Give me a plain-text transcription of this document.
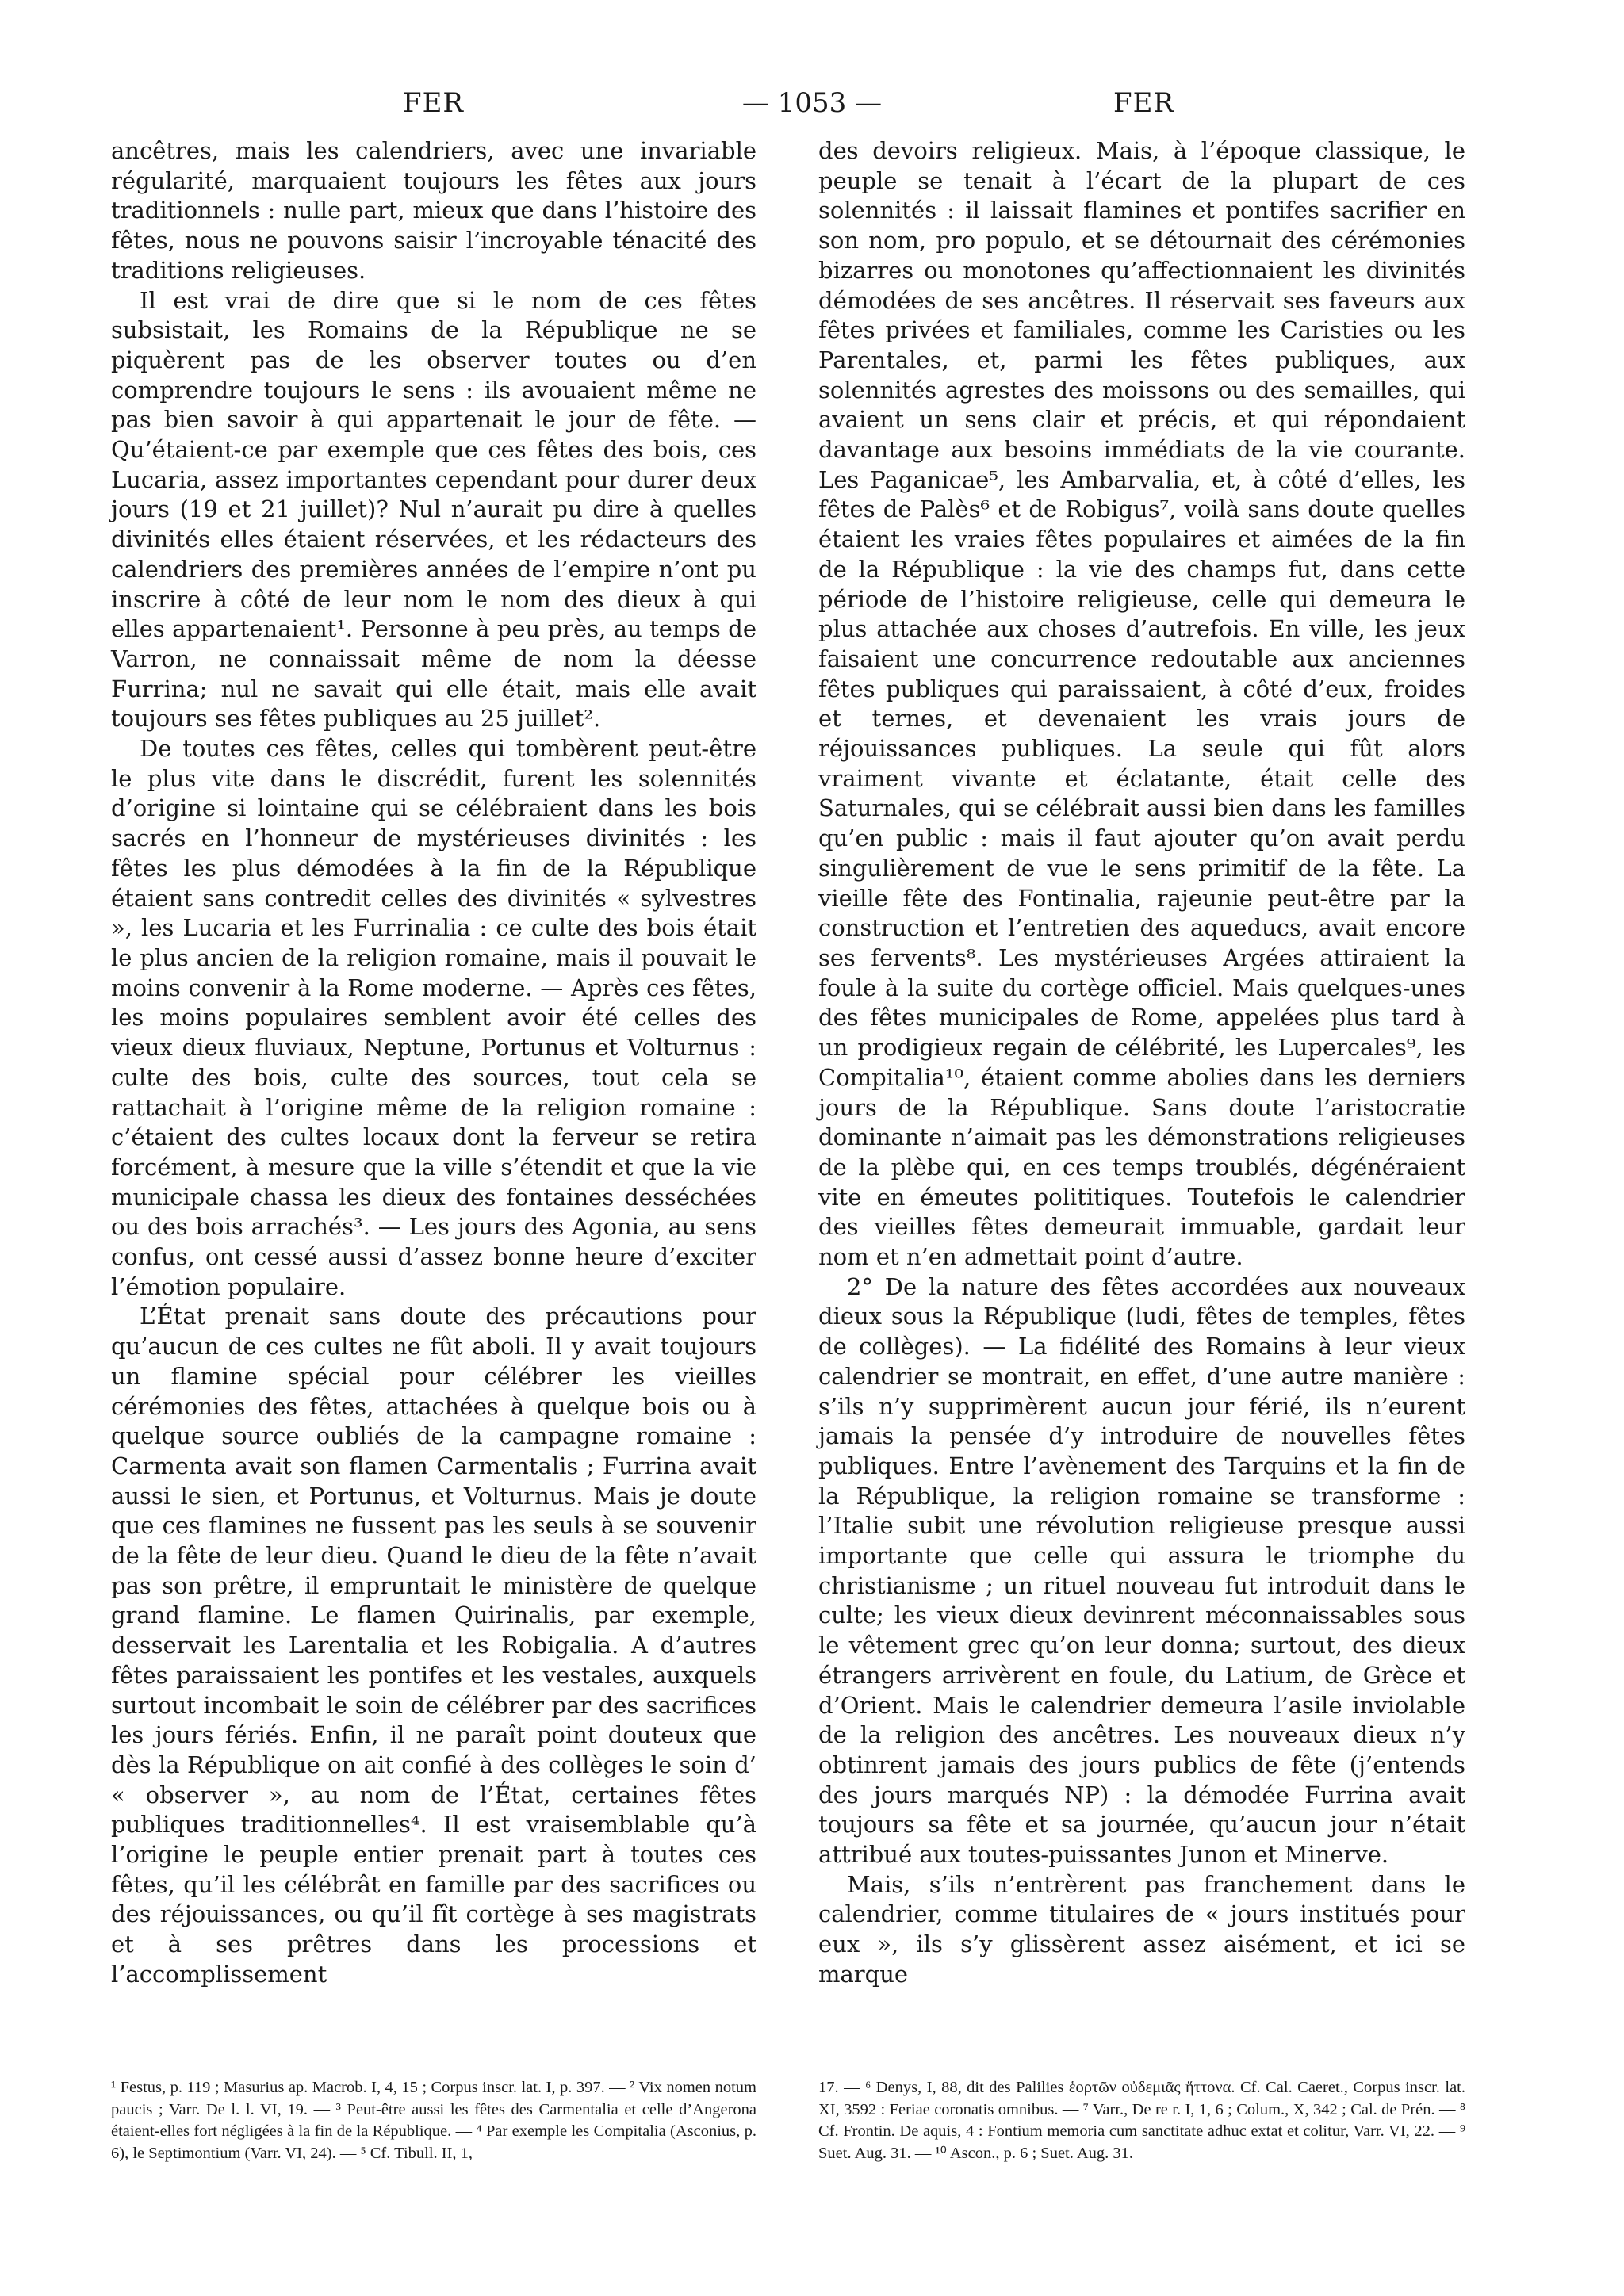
— 1053 —
FER	FER

ancêtres, mais les calendriers, avec une invariable régularité, marquaient toujours les fêtes aux jours traditionnels : nulle part, mieux que dans l’histoire des fêtes, nous ne pouvons saisir l’incroyable ténacité des traditions religieuses.

Il est vrai de dire que si le nom de ces fêtes subsistait, les Romains de la République ne se piquèrent pas de les observer toutes ou d’en comprendre toujours le sens : ils avouaient même ne pas bien savoir à qui appartenait le jour de fête. — Qu’étaient-ce par exemple que ces fêtes des bois, ces Lucaria, assez importantes cependant pour durer deux jours (19 et 21 juillet)? Nul n’aurait pu dire à quelles divinités elles étaient réservées, et les rédacteurs des calendriers des premières années de l’empire n’ont pu inscrire à côté de leur nom le nom des dieux à qui elles appartenaient¹. Personne à peu près, au temps de Varron, ne connaissait même de nom la déesse Furrina; nul ne savait qui elle était, mais elle avait toujours ses fêtes publiques au 25 juillet².

De toutes ces fêtes, celles qui tombèrent peut-être le plus vite dans le discrédit, furent les solennités d’origine si lointaine qui se célébraient dans les bois sacrés en l’honneur de mystérieuses divinités : les fêtes les plus démodées à la fin de la République étaient sans contredit celles des divinités « sylvestres », les Lucaria et les Furrinalia : ce culte des bois était le plus ancien de la religion romaine, mais il pouvait le moins convenir à la Rome moderne. — Après ces fêtes, les moins populaires semblent avoir été celles des vieux dieux fluviaux, Neptune, Portunus et Volturnus : culte des bois, culte des sources, tout cela se rattachait à l’origine même de la religion romaine : c’étaient des cultes locaux dont la ferveur se retira forcément, à mesure que la ville s’étendit et que la vie municipale chassa les dieux des fontaines desséchées ou des bois arrachés³. — Les jours des Agonia, au sens confus, ont cessé aussi d’assez bonne heure d’exciter l’émotion populaire.

L’État prenait sans doute des précautions pour qu’aucun de ces cultes ne fût aboli. Il y avait toujours un flamine spécial pour célébrer les vieilles cérémonies des fêtes, attachées à quelque bois ou à quelque source oubliés de la campagne romaine : Carmenta avait son flamen Carmentalis ; Furrina avait aussi le sien, et Portunus, et Volturnus. Mais je doute que ces flamines ne fussent pas les seuls à se souvenir de la fête de leur dieu. Quand le dieu de la fête n’avait pas son prêtre, il empruntait le ministère de quelque grand flamine. Le flamen Quirinalis, par exemple, desservait les Larentalia et les Robigalia. A d’autres fêtes paraissaient les pontifes et les vestales, auxquels surtout incombait le soin de célébrer par des sacrifices les jours fériés. Enfin, il ne paraît point douteux que dès la République on ait confié à des collèges le soin d’ « observer », au nom de l’État, certaines fêtes publiques traditionnelles⁴. Il est vraisemblable qu’à l’origine le peuple entier prenait part à toutes ces fêtes, qu’il les célébrât en famille par des sacrifices ou des réjouissances, ou qu’il fît cortège à ses magistrats et à ses prêtres dans les processions et l’accomplissement

des devoirs religieux. Mais, à l’époque classique, le peuple se tenait à l’écart de la plupart de ces solennités : il laissait flamines et pontifes sacrifier en son nom, pro populo, et se détournait des cérémonies bizarres ou monotones qu’affectionnaient les divinités démodées de ses ancêtres. Il réservait ses faveurs aux fêtes privées et familiales, comme les Caristies ou les Parentales, et, parmi les fêtes publiques, aux solennités agrestes des moissons ou des semailles, qui avaient un sens clair et précis, et qui répondaient davantage aux besoins immédiats de la vie courante. Les Paganicae⁵, les Ambarvalia, et, à côté d’elles, les fêtes de Palès⁶ et de Robigus⁷, voilà sans doute quelles étaient les vraies fêtes populaires et aimées de la fin de la République : la vie des champs fut, dans cette période de l’histoire religieuse, celle qui demeura le plus attachée aux choses d’autrefois. En ville, les jeux faisaient une concurrence redoutable aux anciennes fêtes publiques qui paraissaient, à côté d’eux, froides et ternes, et devenaient les vrais jours de réjouissances publiques. La seule qui fût alors vraiment vivante et éclatante, était celle des Saturnales, qui se célébrait aussi bien dans les familles qu’en public : mais il faut ajouter qu’on avait perdu singulièrement de vue le sens primitif de la fête. La vieille fête des Fontinalia, rajeunie peut-être par la construction et l’entretien des aqueducs, avait encore ses fervents⁸. Les mystérieuses Argées attiraient la foule à la suite du cortège officiel. Mais quelques-unes des fêtes municipales de Rome, appelées plus tard à un prodigieux regain de célébrité, les Lupercales⁹, les Compitalia¹⁰, étaient comme abolies dans les derniers jours de la République. Sans doute l’aristocratie dominante n’aimait pas les démonstrations religieuses de la plèbe qui, en ces temps troublés, dégénéraient vite en émeutes polititiques. Toutefois le calendrier des vieilles fêtes demeurait immuable, gardait leur nom et n’en admettait point d’autre.

2° De la nature des fêtes accordées aux nouveaux dieux sous la République (ludi, fêtes de temples, fêtes de collèges). — La fidélité des Romains à leur vieux calendrier se montrait, en effet, d’une autre manière : s’ils n’y supprimèrent aucun jour férié, ils n’eurent jamais la pensée d’y introduire de nouvelles fêtes publiques. Entre l’avènement des Tarquins et la fin de la République, la religion romaine se transforme : l’Italie subit une révolution religieuse presque aussi importante que celle qui assura le triomphe du christianisme ; un rituel nouveau fut introduit dans le culte; les vieux dieux devinrent méconnaissables sous le vêtement grec qu’on leur donna; surtout, des dieux étrangers arrivèrent en foule, du Latium, de Grèce et d’Orient. Mais le calendrier demeura l’asile inviolable de la religion des ancêtres. Les nouveaux dieux n’y obtinrent jamais des jours publics de fête (j’entends des jours marqués NP) : la démodée Furrina avait toujours sa fête et sa journée, qu’aucun jour n’était attribué aux toutes-puissantes Junon et Minerve.

Mais, s’ils n’entrèrent pas franchement dans le calendrier, comme titulaires de « jours institués pour eux », ils s’y glissèrent assez aisément, et ici se marque

¹ Festus, p. 119 ; Masurius ap. Macrob. I, 4, 15 ; Corpus inscr. lat. I, p. 397. — ² Vix nomen notum paucis ; Varr. De l. l. VI, 19. — ³ Peut-être aussi les fêtes des Carmentalia et celle d’Angerona étaient-elles fort négligées à la fin de la République. — ⁴ Par exemple les Compitalia (Asconius, p. 6), le Septimontium (Varr. VI, 24). — ⁵ Cf. Tibull. II, 1,

17. — ⁶ Denys, I, 88, dit des Palilies ἑορτῶν οὐδεμιᾶς ἥττονα. Cf. Cal. Caeret., Corpus inscr. lat. XI, 3592 : Feriae coronatis omnibus. — ⁷ Varr., De re r. I, 1, 6 ; Colum., X, 342 ; Cal. de Prén. — ⁸ Cf. Frontin. De aquis, 4 : Fontium memoria cum sanctitate adhuc extat et colitur, Varr. VI, 22. — ⁹ Suet. Aug. 31. — ¹⁰ Ascon., p. 6 ; Suet. Aug. 31.
